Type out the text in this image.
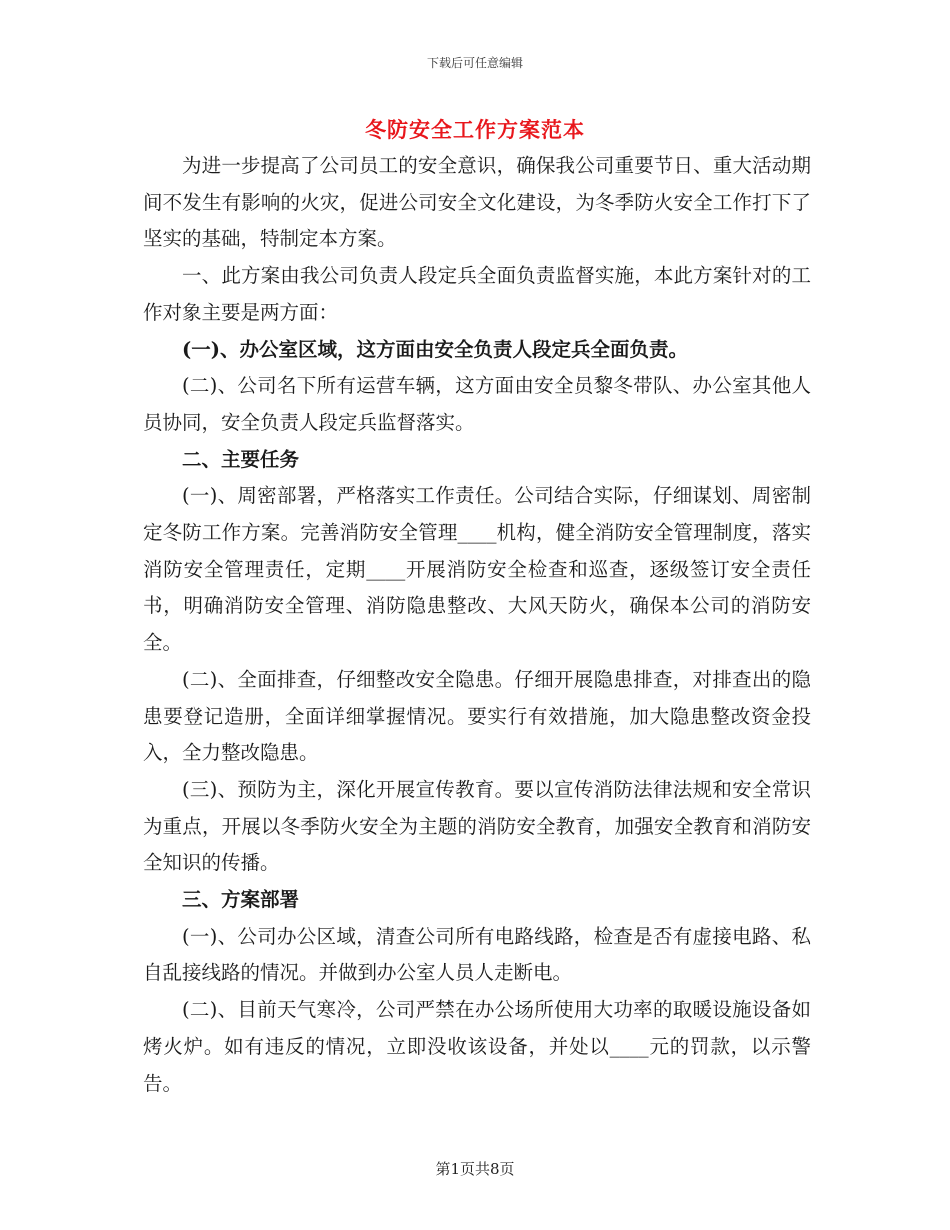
下载后可任意编辑
冬防安全工作方案范本

为进一步提高了公司员工的安全意识，确保我公司重要节日、重大活动期间不发生有影响的火灾，促进公司安全文化建设，为冬季防火安全工作打下了坚实的基础，特制定本方案。

一、此方案由我公司负责人段定兵全面负责监督实施，本此方案针对的工作对象主要是两方面：

(一)、办公室区域，这方面由安全负责人段定兵全面负责。

(二)、公司名下所有运营车辆，这方面由安全员黎冬带队、办公室其他人员协同，安全负责人段定兵监督落实。

二、主要任务

(一)、周密部署，严格落实工作责任。公司结合实际，仔细谋划、周密制定冬防工作方案。完善消防安全管理____机构，健全消防安全管理制度，落实消防安全管理责任，定期____开展消防安全检查和巡查，逐级签订安全责任书，明确消防安全管理、消防隐患整改、大风天防火，确保本公司的消防安全。

(二)、全面排查，仔细整改安全隐患。仔细开展隐患排查，对排查出的隐患要登记造册，全面详细掌握情况。要实行有效措施，加大隐患整改资金投入，全力整改隐患。

(三)、预防为主，深化开展宣传教育。要以宣传消防法律法规和安全常识为重点，开展以冬季防火安全为主题的消防安全教育，加强安全教育和消防安全知识的传播。

三、方案部署

(一)、公司办公区域，清查公司所有电路线路，检查是否有虚接电路、私自乱接线路的情况。并做到办公室人员人走断电。

(二)、目前天气寒冷，公司严禁在办公场所使用大功率的取暖设施设备如烤火炉。如有违反的情况，立即没收该设备，并处以____元的罚款，以示警告。

第1页共8页
